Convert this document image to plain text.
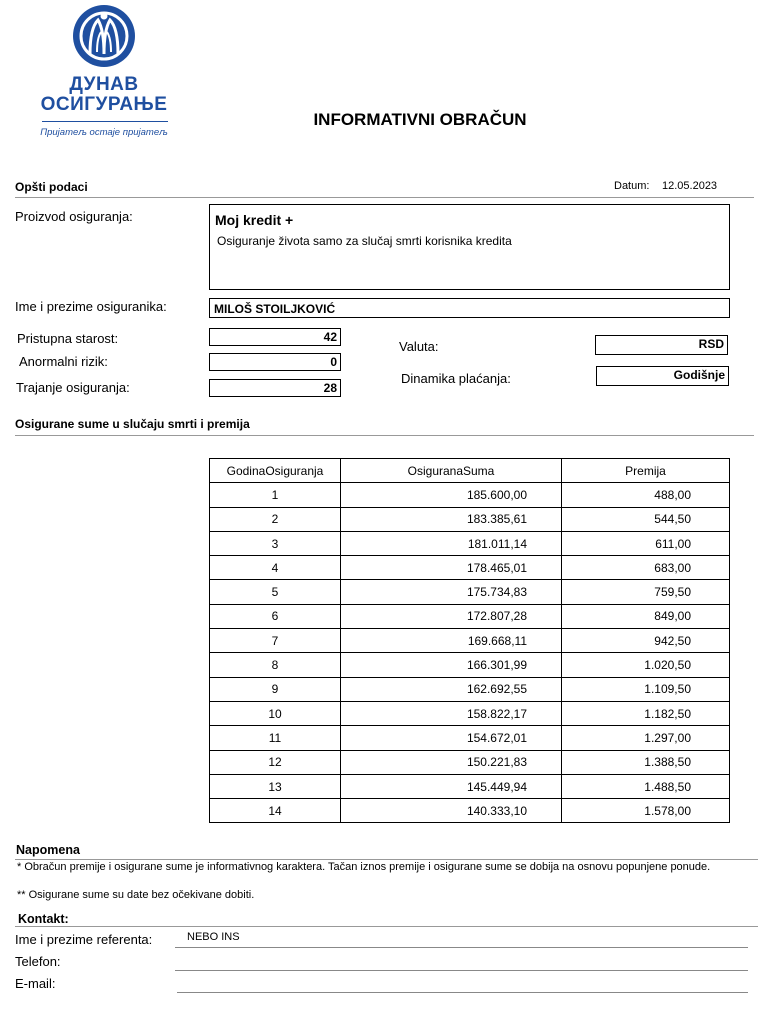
ДУНАВ
ОСИГУРАЊЕ
Пријатељ остаје пријатељ
INFORMATIVNI OBRAČUN
Opšti podaci	Datum: 12.05.2023
Proizvod osiguranja:	Moj kredit +
Osiguranje života samo za slučaj smrti korisnika kredita
Ime i prezime osiguranika:	MILOŠ STOILJKOVIĆ
Pristupna starost:	42
Anormalni rizik:	0
Trajanje osiguranja:	28
Valuta:	RSD
Dinamika plaćanja:	Godišnje
Osigurane sume u slučaju smrti i premija
GodinaOsiguranja	OsiguranaSuma	Premija
1	185.600,00	488,00
2	183.385,61	544,50
3	181.011,14	611,00
4	178.465,01	683,00
5	175.734,83	759,50
6	172.807,28	849,00
7	169.668,11	942,50
8	166.301,99	1.020,50
9	162.692,55	1.109,50
10	158.822,17	1.182,50
11	154.672,01	1.297,00
12	150.221,83	1.388,50
13	145.449,94	1.488,50
14	140.333,10	1.578,00
Napomena
* Obračun premije i osigurane sume je informativnog karaktera. Tačan iznos premije i osigurane sume se dobija na osnovu popunjene ponude.
** Osigurane sume su date bez očekivane dobiti.
Kontakt:
Ime i prezime referenta:	NEBO INS
Telefon:
E-mail:
